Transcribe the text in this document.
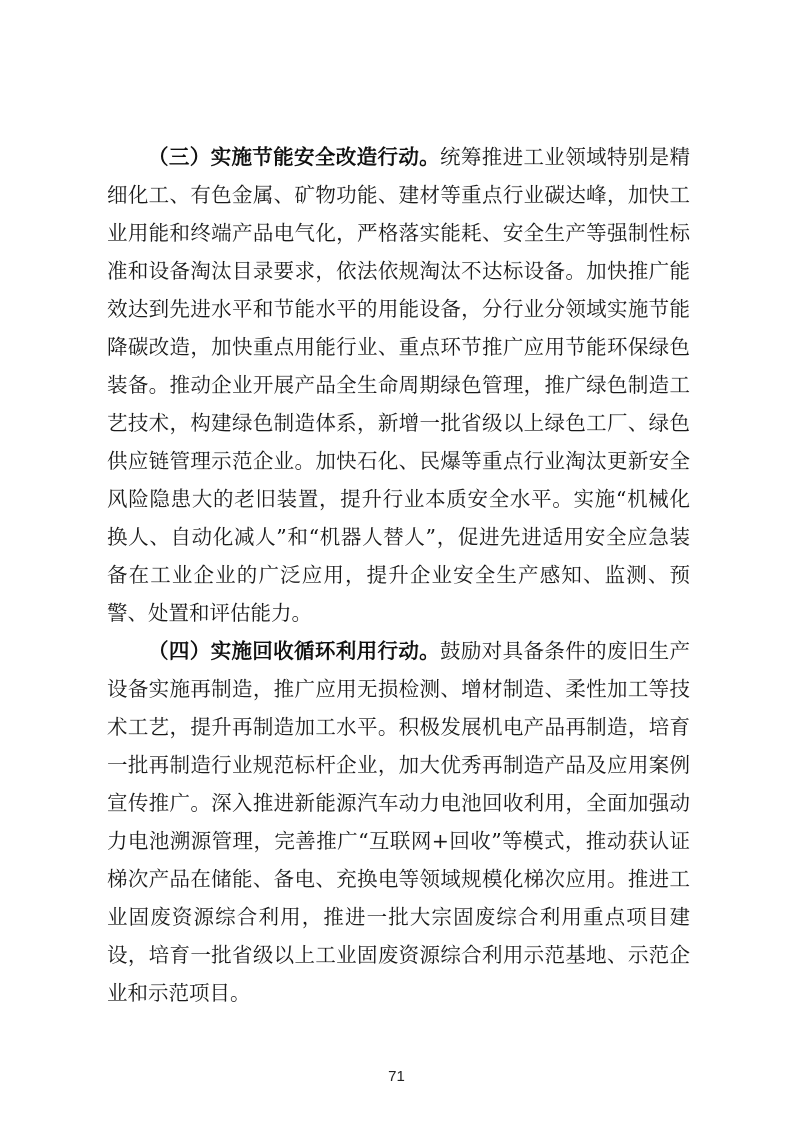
（三）实施节能安全改造行动。统筹推进工业领域特别是精细化工、有色金属、矿物功能、建材等重点行业碳达峰，加快工业用能和终端产品电气化，严格落实能耗、安全生产等强制性标准和设备淘汰目录要求，依法依规淘汰不达标设备。加快推广能效达到先进水平和节能水平的用能设备，分行业分领域实施节能降碳改造，加快重点用能行业、重点环节推广应用节能环保绿色装备。推动企业开展产品全生命周期绿色管理，推广绿色制造工艺技术，构建绿色制造体系，新增一批省级以上绿色工厂、绿色供应链管理示范企业。加快石化、民爆等重点行业淘汰更新安全风险隐患大的老旧装置，提升行业本质安全水平。实施“机械化换人、自动化减人”和“机器人替人”，促进先进适用安全应急装备在工业企业的广泛应用，提升企业安全生产感知、监测、预警、处置和评估能力。

（四）实施回收循环利用行动。鼓励对具备条件的废旧生产设备实施再制造，推广应用无损检测、增材制造、柔性加工等技术工艺，提升再制造加工水平。积极发展机电产品再制造，培育一批再制造行业规范标杆企业，加大优秀再制造产品及应用案例宣传推广。深入推进新能源汽车动力电池回收利用，全面加强动力电池溯源管理，完善推广“互联网+回收”等模式，推动获认证梯次产品在储能、备电、充换电等领域规模化梯次应用。推进工业固废资源综合利用，推进一批大宗固废综合利用重点项目建设，培育一批省级以上工业固废资源综合利用示范基地、示范企业和示范项目。

71
